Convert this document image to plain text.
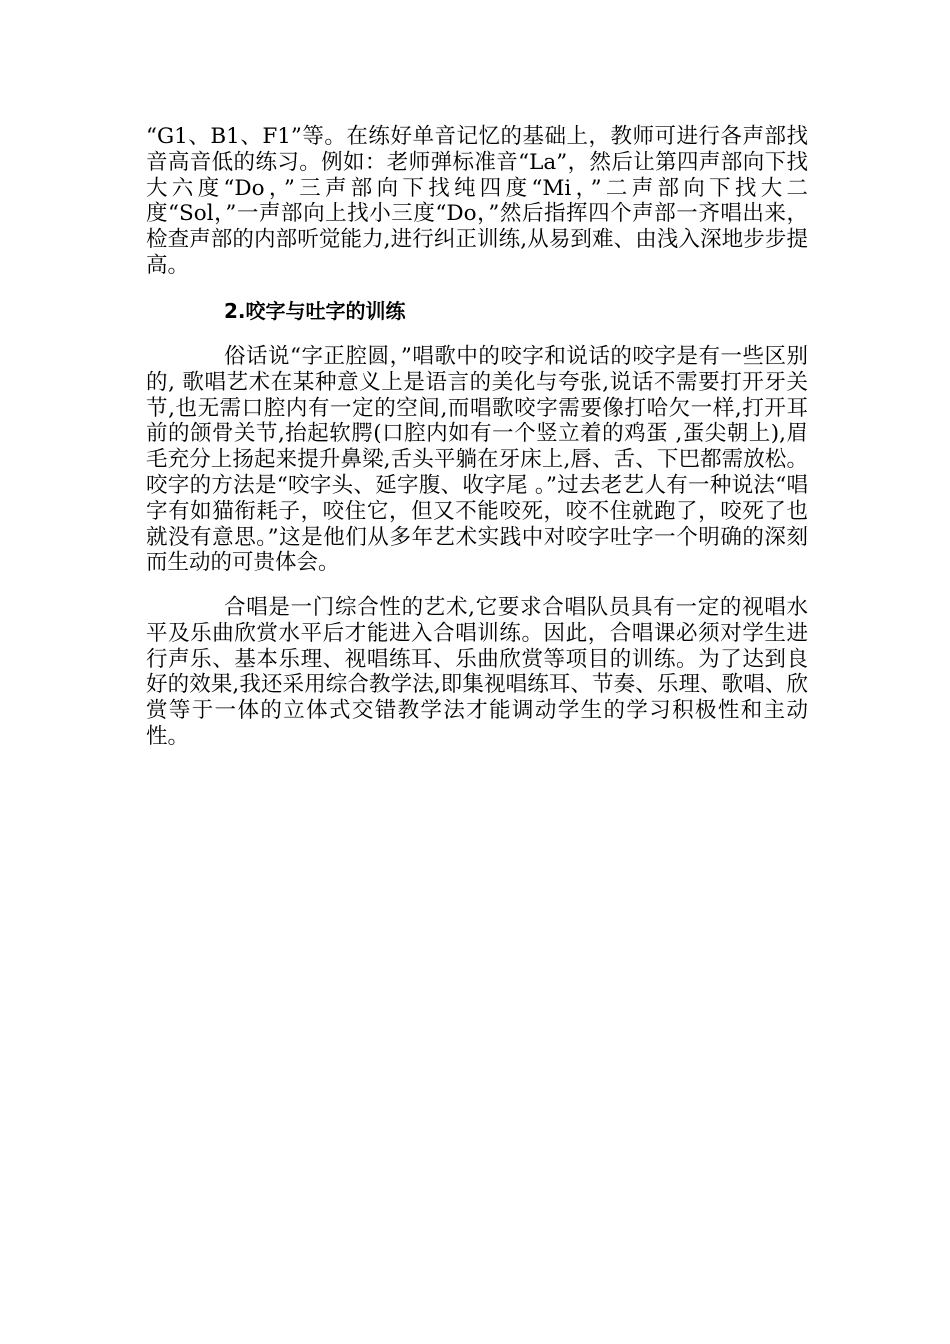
“G1、B1、F1”等。在练好单音记忆的基础上，教师可进行各声部找音高音低的练习。例如：老师弹标准音“La”，然后让第四声部向下找大六度“Do，”三声部向下找纯四度“Mi，”二声部向下找大二度“Sol，”一声部向上找小三度“Do，”然后指挥四个声部一齐唱出来，检查声部的内部听觉能力,进行纠正训练,从易到难、由浅入深地步步提高。

2.咬字与吐字的训练

俗话说“字正腔圆，”唱歌中的咬字和说话的咬字是有一些区别的, 歌唱艺术在某种意义上是语言的美化与夸张,说话不需要打开牙关节,也无需口腔内有一定的空间,而唱歌咬字需要像打哈欠一样,打开耳前的颌骨关节,抬起软腭(口腔内如有一个竖立着的鸡蛋 ,蛋尖朝上),眉毛充分上扬起来提升鼻梁,舌头平躺在牙床上,唇、舌、下巴都需放松。咬字的方法是“咬字头、延字腹、收字尾 。”过去老艺人有一种说法“唱字有如猫衔耗子，咬住它，但又不能咬死，咬不住就跑了，咬死了也就没有意思。”这是他们从多年艺术实践中对咬字吐字一个明确的深刻而生动的可贵体会。

合唱是一门综合性的艺术,它要求合唱队员具有一定的视唱水平及乐曲欣赏水平后才能进入合唱训练。因此，合唱课必须对学生进行声乐、基本乐理、视唱练耳、乐曲欣赏等项目的训练。为了达到良好的效果,我还采用综合教学法,即集视唱练耳、节奏、乐理、歌唱、欣赏等于一体的立体式交错教学法才能调动学生的学习积极性和主动性。
